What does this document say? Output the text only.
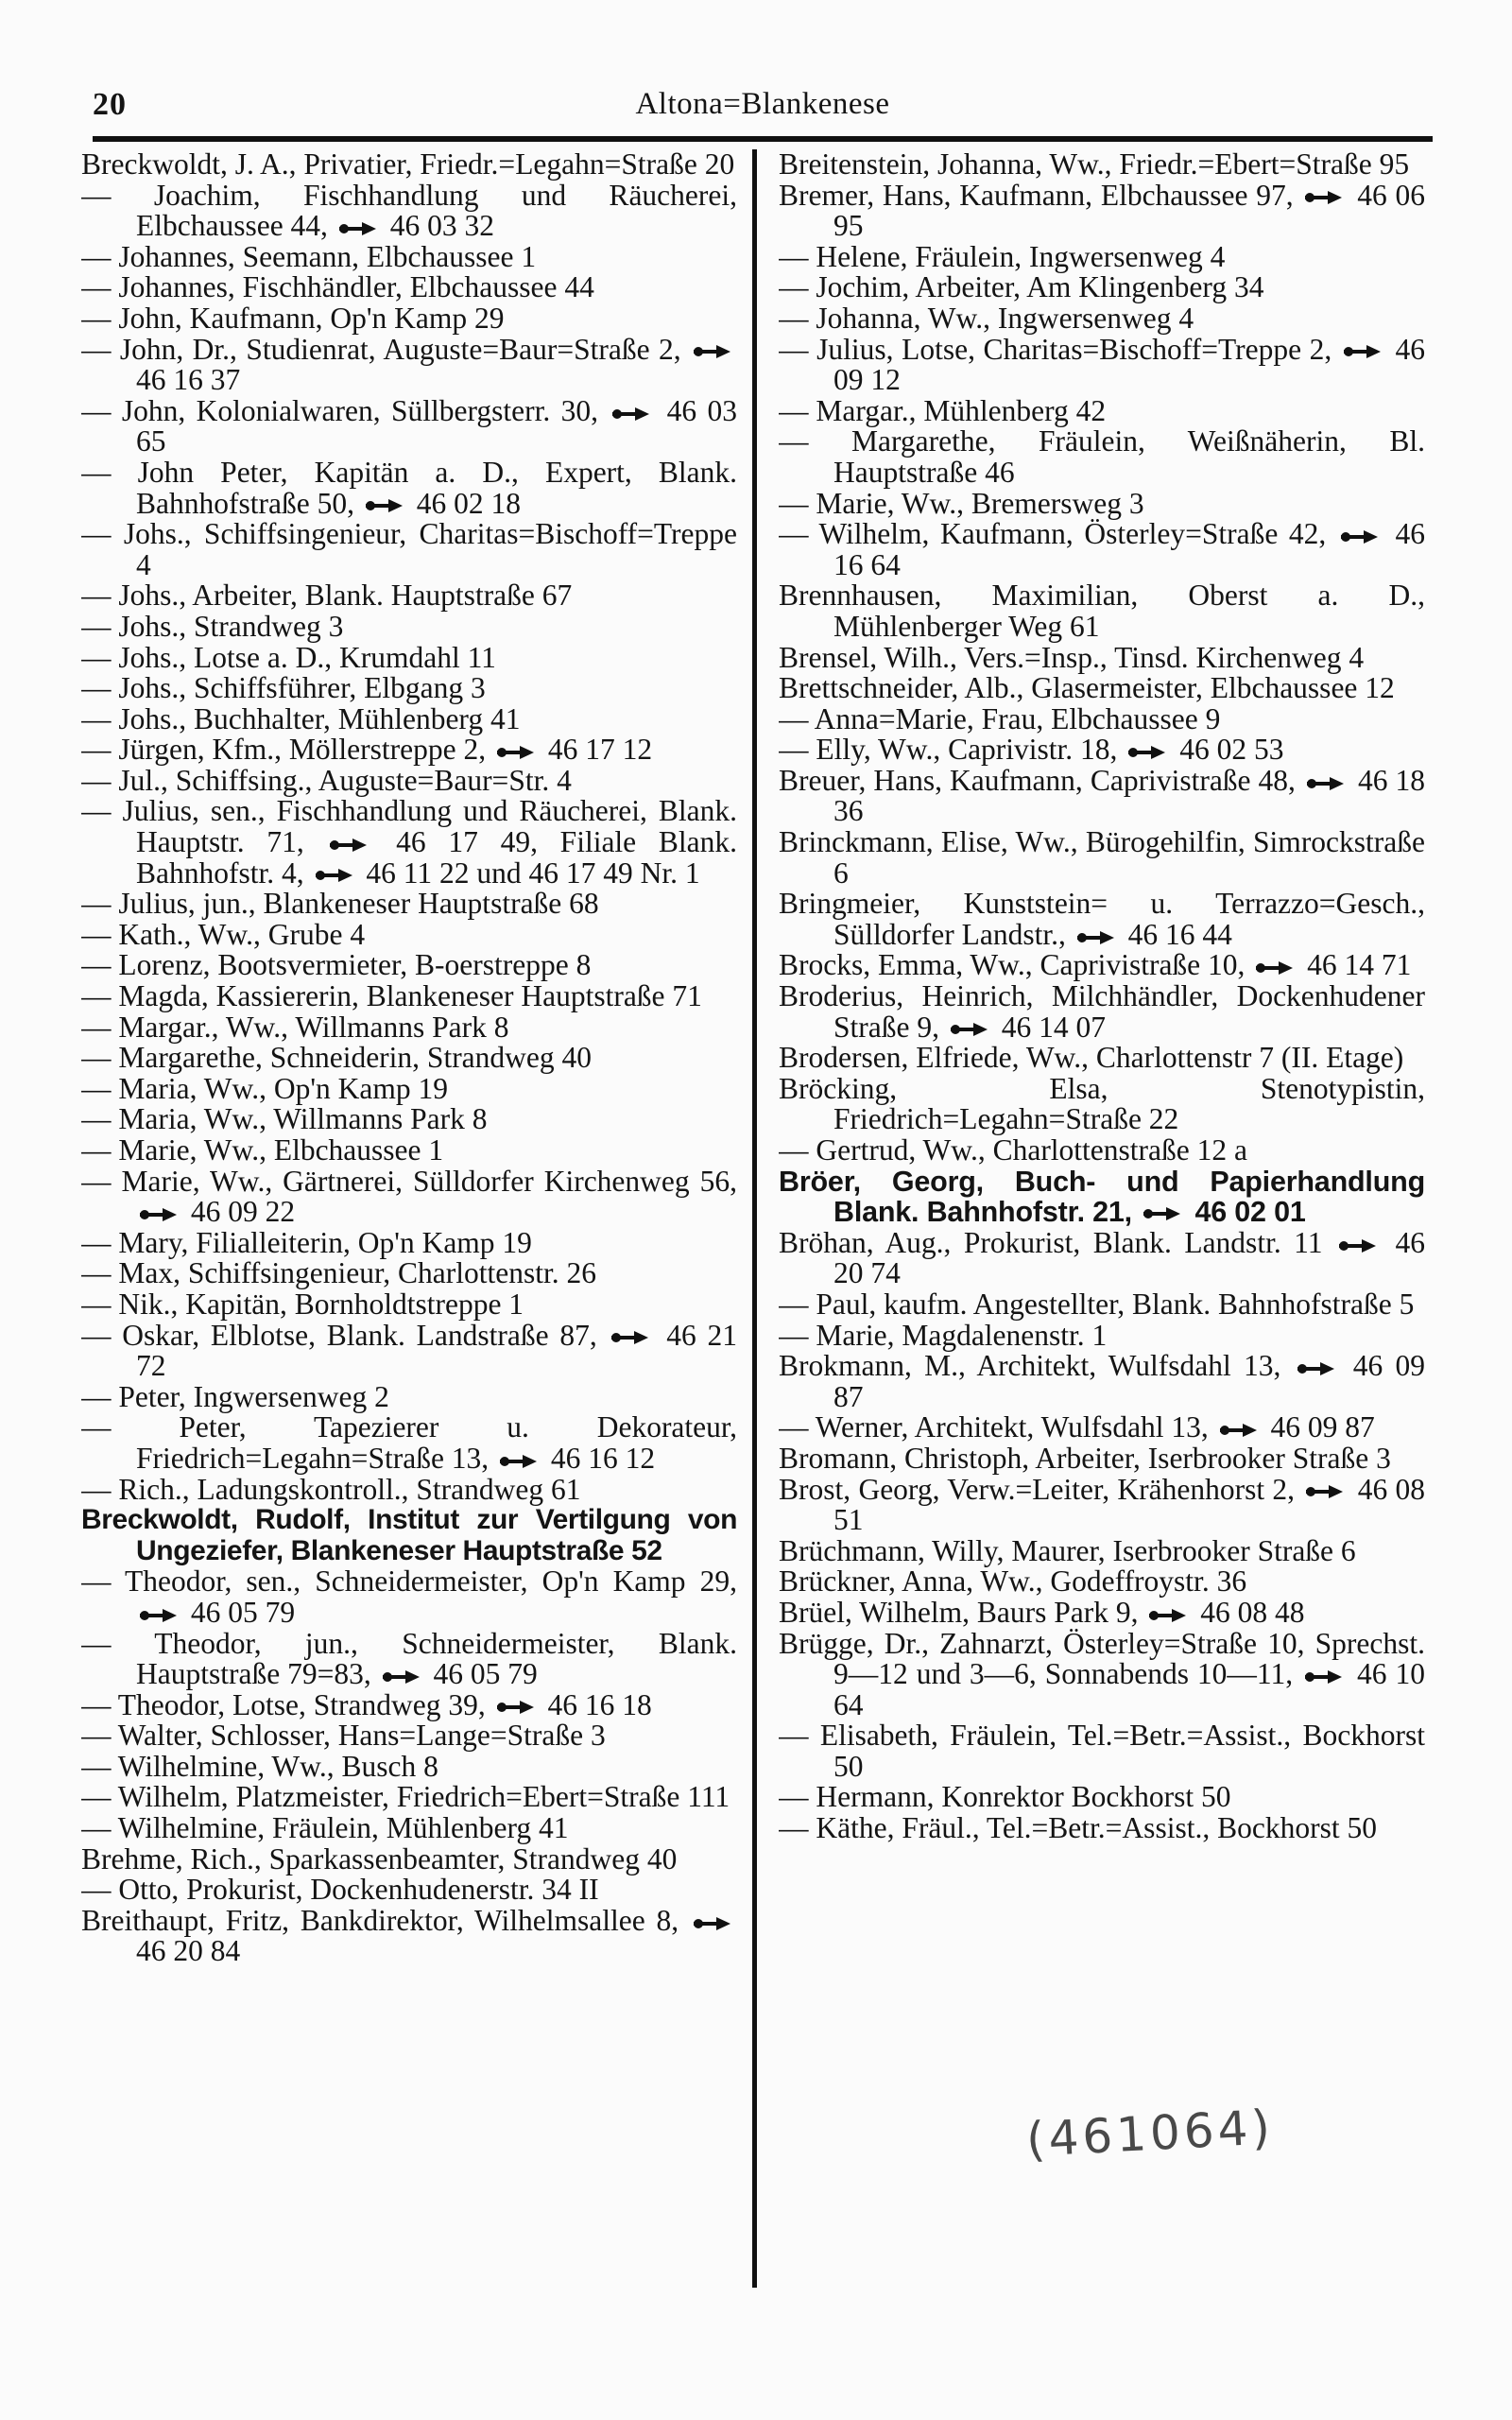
20	Altona=Blankenese
Breckwoldt, J. A., Privatier, Friedr.=Legahn=Straße 20
— Joachim, Fischhandlung und Räucherei, Elbchaussee 44,
46 03 32
— Johannes, Seemann, Elbchaussee 1
— Johannes, Fischhändler, Elbchaussee 44
— John, Kaufmann, Op'n Kamp 29
— John, Dr., Studienrat, Auguste=Baur=Straße 2,
46 16 37
— John, Kolonialwaren, Süllbergsterr. 30,
46 03 65
— John Peter, Kapitän a. D., Expert, Blank. Bahnhofstraße 50,
46 02 18
— Johs., Schiffsingenieur, Charitas=Bischoff=Treppe 4
— Johs., Arbeiter, Blank. Hauptstraße 67
— Johs., Strandweg 3
— Johs., Lotse a. D., Krumdahl 11
— Johs., Schiffsführer, Elbgang 3
— Johs., Buchhalter, Mühlenberg 41
— Jürgen, Kfm., Möllerstreppe 2,
46 17 12
— Jul., Schiffsing., Auguste=Baur=Str. 4
— Julius, sen., Fischhandlung und Räucherei, Blank. Hauptstr. 71,
46 17 49, Filiale Blank. Bahnhofstr. 4,
46 11 22 und 46 17 49 Nr. 1
— Julius, jun., Blankeneser Hauptstraße 68
— Kath., Ww., Grube 4
— Lorenz, Bootsvermieter, B-oerstreppe 8
— Magda, Kassiererin, Blankeneser Hauptstraße 71
— Margar., Ww., Willmanns Park 8
— Margarethe, Schneiderin, Strandweg 40
— Maria, Ww., Op'n Kamp 19
— Maria, Ww., Willmanns Park 8
— Marie, Ww., Elbchaussee 1
— Marie, Ww., Gärtnerei, Sülldorfer Kirchenweg 56,
46 09 22
— Mary, Filialleiterin, Op'n Kamp 19
— Max, Schiffsingenieur, Charlottenstr. 26
— Nik., Kapitän, Bornholdtstreppe 1
— Oskar, Elblotse, Blank. Landstraße 87,
46 21 72
— Peter, Ingwersenweg 2
— Peter, Tapezierer u. Dekorateur, Friedrich=Legahn=Straße 13,
46 16 12
— Rich., Ladungskontroll., Strandweg 61
Breckwoldt, Rudolf, Institut zur Vertilgung von Ungeziefer, Blankeneser Hauptstraße 52
— Theodor, sen., Schneidermeister, Op'n Kamp 29,
46 05 79
— Theodor, jun., Schneidermeister, Blank. Hauptstraße 79=83,
46 05 79
— Theodor, Lotse, Strandweg 39,
46 16 18
— Walter, Schlosser, Hans=Lange=Straße 3
— Wilhelmine, Ww., Busch 8
— Wilhelm, Platzmeister, Friedrich=Ebert=Straße 111
— Wilhelmine, Fräulein, Mühlenberg 41
Brehme, Rich., Sparkassenbeamter, Strandweg 40
— Otto, Prokurist, Dockenhudenerstr. 34 II
Breithaupt, Fritz, Bankdirektor, Wilhelmsallee 8,
46 20 84
Breitenstein, Johanna, Ww., Friedr.=Ebert=Straße 95
Bremer, Hans, Kaufmann, Elbchaussee 97,
46 06 95
— Helene, Fräulein, Ingwersenweg 4
— Jochim, Arbeiter, Am Klingenberg 34
— Johanna, Ww., Ingwersenweg 4
— Julius, Lotse, Charitas=Bischoff=Treppe 2,
46 09 12
— Margar., Mühlenberg 42
— Margarethe, Fräulein, Weißnäherin, Bl. Hauptstraße 46
— Marie, Ww., Bremersweg 3
— Wilhelm, Kaufmann, Österley=Straße 42,
46 16 64
Brennhausen, Maximilian, Oberst a. D., Mühlenberger Weg 61
Brensel, Wilh., Vers.=Insp., Tinsd. Kirchenweg 4
Brettschneider, Alb., Glasermeister, Elbchaussee 12
— Anna=Marie, Frau, Elbchaussee 9
— Elly, Ww., Caprivistr. 18,
46 02 53
Breuer, Hans, Kaufmann, Caprivistraße 48,
46 18 36
Brinckmann, Elise, Ww., Bürogehilfin, Simrockstraße 6
Bringmeier, Kunststein= u. Terrazzo=Gesch., Sülldorfer Landstr.,
46 16 44
Brocks, Emma, Ww., Caprivistraße 10,
46 14 71
Broderius, Heinrich, Milchhändler, Dockenhudener Straße 9,
46 14 07
Brodersen, Elfriede, Ww., Charlottenstr 7 (II. Etage)
Bröcking, Elsa, Stenotypistin, Friedrich=Legahn=Straße 22
— Gertrud, Ww., Charlottenstraße 12 a
Bröer, Georg, Buch- und Papierhandlung Blank. Bahnhofstr. 21,
46 02 01
Bröhan, Aug., Prokurist, Blank. Landstr. 11
46 20 74
— Paul, kaufm. Angestellter, Blank. Bahnhofstraße 5
— Marie, Magdalenenstr. 1
Brokmann, M., Architekt, Wulfsdahl 13,
46 09 87
— Werner, Architekt, Wulfsdahl 13,
46 09 87
Bromann, Christoph, Arbeiter, Iserbrooker Straße 3
Brost, Georg, Verw.=Leiter, Krähenhorst 2,
46 08 51
Brüchmann, Willy, Maurer, Iserbrooker Straße 6
Brückner, Anna, Ww., Godeffroystr. 36
Brüel, Wilhelm, Baurs Park 9,
46 08 48
Brügge, Dr., Zahnarzt, Österley=Straße 10, Sprechst. 9—12 und 3—6, Sonnabends 10—11,
46 10 64
— Elisabeth, Fräulein, Tel.=Betr.=Assist., Bockhorst 50
— Hermann, Konrektor Bockhorst 50
— Käthe, Fräul., Tel.=Betr.=Assist., Bockhorst 50
(461064)
